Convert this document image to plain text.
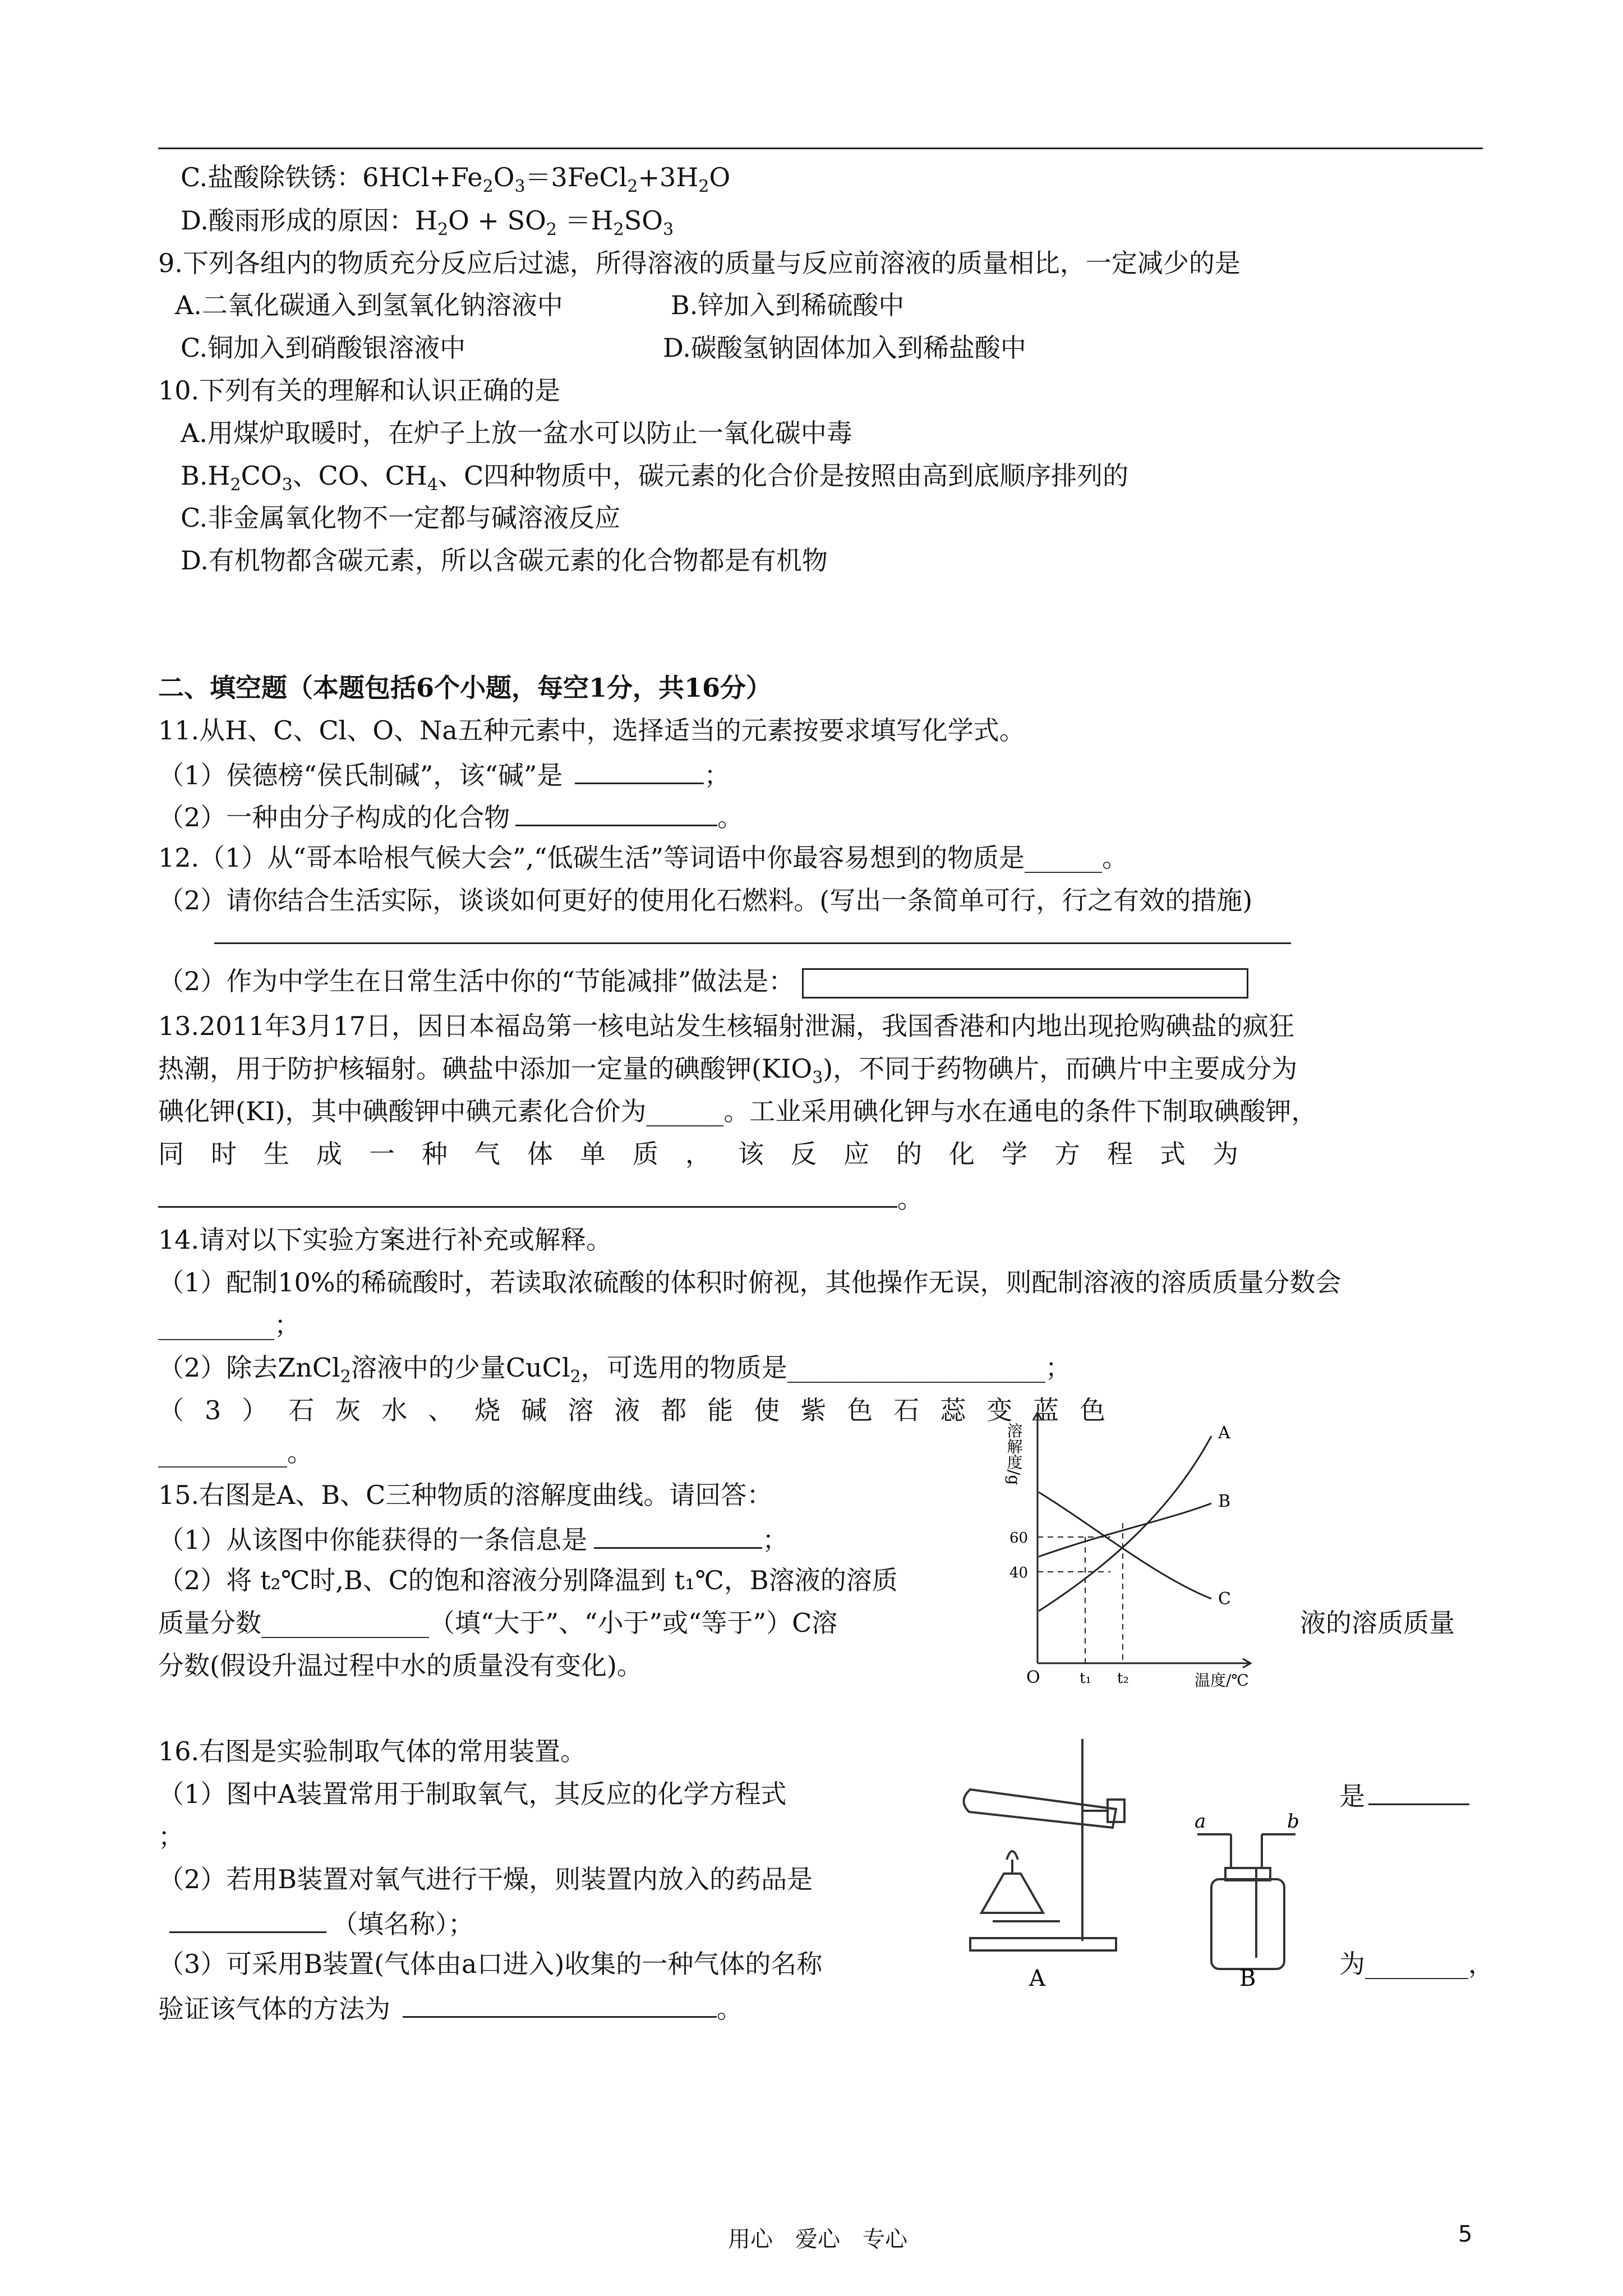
C.盐酸除铁锈：$6HCl+Fe_2O_3=3FeCl_2+3H_2O$
D.酸雨形成的原因：$H_2O + SO_2 =H_2SO_3$
9.下列各组内的物质充分反应后过滤，所得溶液的质量与反应前溶液的质量相比，一定减少的是
A.二氧化碳通入到氢氧化钠溶液中	B.锌加入到稀硫酸中
C.铜加入到硝酸银溶液中	D.碳酸氢钠固体加入到稀盐酸中
10.下列有关的理解和认识正确的是
A.用煤炉取暖时，在炉子上放一盆水可以防止一氧化碳中毒
$B.H_2CO_3$、CO、$CH_4$、C四种物质中，碳元素的化合价是按照由高到底顺序排列的
C.非金属氧化物不一定都与碱溶液反应
D.有机物都含碳元素，所以含碳元素的化合物都是有机物
二、填空题（本题包括6个小题，每空1分，共16分）
11.从H、C、Cl、O、Na五种元素中，选择适当的元素按要求填写化学式。
（1）侯德榜“侯氏制碱”，该“碱”是	；
（2）一种由分子构成的化合物	。
12.（1）从“哥本哈根气候大会”,“低碳生活”等词语中你最容易想到的物质是______。
（2）请你结合生活实际，谈谈如何更好的使用化石燃料。(写出一条简单可行，行之有效的措施)
（2）作为中学生在日常生活中你的“节能减排”做法是：
13.2011年3月17日，因日本福岛第一核电站发生核辐射泄漏，我国香港和内地出现抢购碘盐的疯狂
热潮，用于防护核辐射。碘盐中添加一定量的碘酸钾$(KIO_3)$，不同于药物碘片，而碘片中主要成分为
碘化钾(KI)，其中碘酸钾中碘元素化合价为______。工业采用碘化钾与水在通电的条件下制取碘酸钾，
同时生成一种气体单质，该反应的化学方程式为
。
14.请对以下实验方案进行补充或解释。
（1）配制10%的稀硫酸时，若读取浓硫酸的体积时俯视，其他操作无误，则配制溶液的溶质质量分数会
_________；
（2）除去ZnCl$_2$溶液中的少量CuCl$_2$，可选用的物质是____________________；
（3）石灰水、烧碱溶液都能使紫色石蕊变蓝色
__________。
15.右图是A、B、C三种物质的溶解度曲线。请回答：
（1）从该图中你能获得的一条信息是	；
（2）将 t₂℃时,B、C的饱和溶液分别降温到 t₁℃，B溶液的溶质
质量分数_____________（填“大于”、“小于”或“等于”）C溶	液的溶质质量
分数(假设升温过程中水的质量没有变化)。
溶解度/g
60
40
O	t₁ t₂	温度/℃
A
B
C
16.右图是实验制取气体的常用装置。
（1）图中A装置常用于制取氧气，其反应的化学方程式	是
；
（2）若用B装置对氧气进行干燥，则装置内放入的药品是
（填名称）；
（3）可采用B装置(气体由a口进入)收集的一种气体的名称	为________，
验证该气体的方法为	。
A	B
a	b
用心　爱心　专心	5
